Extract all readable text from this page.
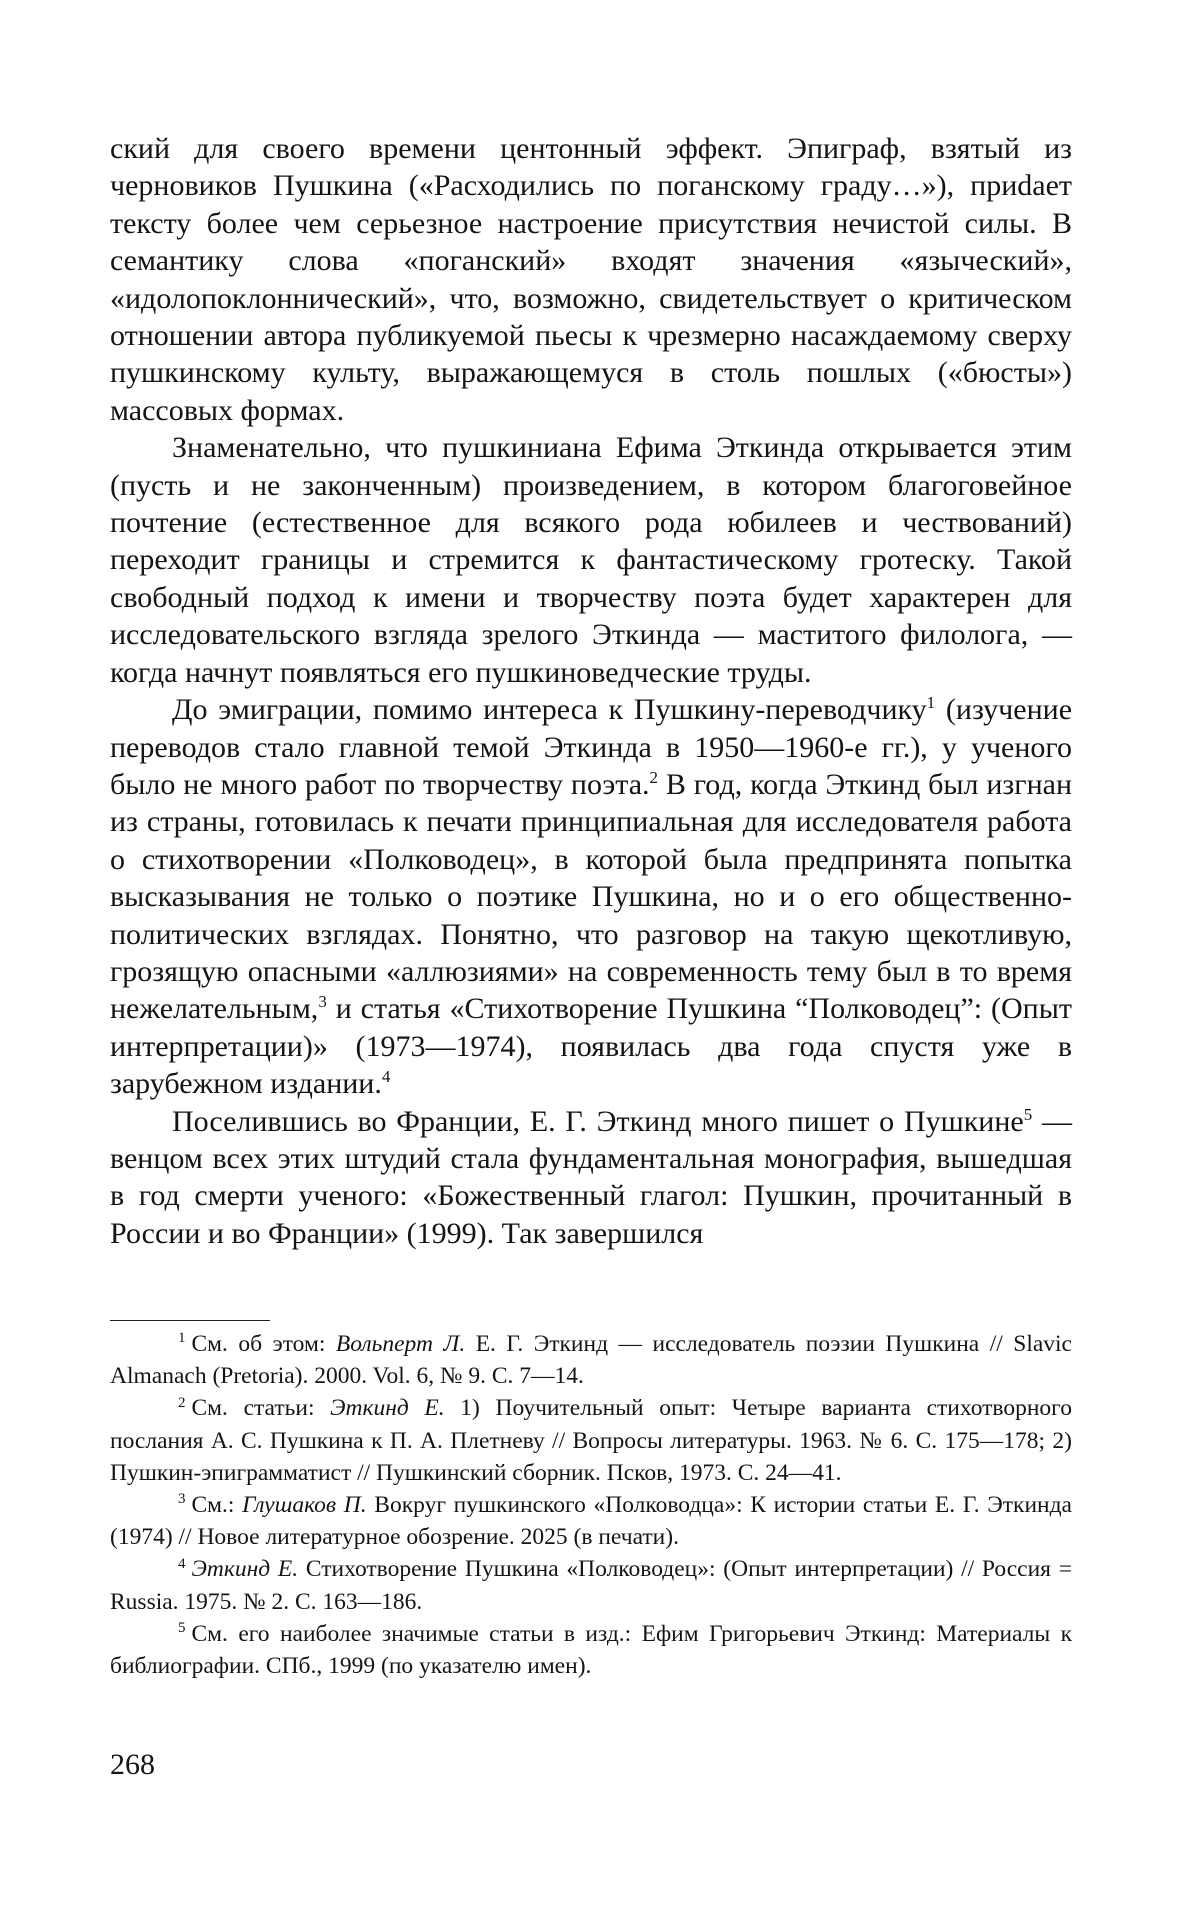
ский для своего времени центонный эффект. Эпиграф, взятый из черновиков Пушкина («Расходились по поганскому граду…»), приdает тексту более чем серьезное настроение присутствия нечистой силы. В семантику слова «поганский» входят значения «языческий», «идолопоклоннический», что, возможно, свидетельствует о критическом отношении автора публикуемой пьесы к чрезмерно насаждаемому сверху пушкинскому культу, выражающемуся в столь пошлых («бюсты») массовых формах.

Знаменательно, что пушкиниана Ефима Эткинда открывается этим (пусть и не законченным) произведением, в котором благоговейное почтение (естественное для всякого рода юбилеев и чествований) переходит границы и стремится к фантастическому гротеску. Такой свободный подход к имени и творчеству поэта будет характерен для исследовательского взгляда зрелого Эткинда — маститого филолога, — когда начнут появляться его пушкиноведческие труды.

До эмиграции, помимо интереса к Пушкину-переводчику$^1$ (изучение переводов стало главной темой Эткинда в 1950—1960-е гг.), у ученого было не много работ по творчеству поэта.$^2$ В год, когда Эткинд был изгнан из страны, готовилась к печати принципиальная для исследователя работа о стихотворении «Полководец», в которой была предпринята попытка высказывания не только о поэтике Пушкина, но и о его общественно-политических взглядах. Понятно, что разговор на такую щекотливую, грозящую опасными «аллюзиями» на современность тему был в то время нежелательным,$^3$ и статья «Стихотворение Пушкина “Полководец”: (Опыт интерпретации)» (1973—1974), появилась два года спустя уже в зарубежном издании.$^4$

Поселившись во Франции, Е. Г. Эткинд много пишет о Пушкине$^5$ — венцом всех этих штудий стала фундаментальная монография, вышедшая в год смерти ученого: «Божественный глагол: Пушкин, прочитанный в России и во Франции» (1999). Так завершился

$^1$ См. об этом: Вольперт Л. Е. Г. Эткинд — исследователь поэзии Пушкина // Slavic Almanach (Pretoria). 2000. Vol. 6, № 9. С. 7—14.

$^2$ См. статьи: Эткинд Е. 1) Поучительный опыт: Четыре варианта стихотворного послания А. С. Пушкина к П. А. Плетневу // Вопросы литературы. 1963. № 6. С. 175—178; 2) Пушкин-эпиграмматист // Пушкинский сборник. Псков, 1973. С. 24—41.

$^3$ См.: Глушаков П. Вокруг пушкинского «Полководца»: К истории статьи Е. Г. Эткинда (1974) // Новое литературное обозрение. 2025 (в печати).

$^4$ Эткинд Е. Стихотворение Пушкина «Полководец»: (Опыт интерпретации) // Россия = Russia. 1975. № 2. С. 163—186.

$^5$ См. его наиболее значимые статьи в изд.: Ефим Григорьевич Эткинд: Материалы к библиографии. СПб., 1999 (по указателю имен).

268
